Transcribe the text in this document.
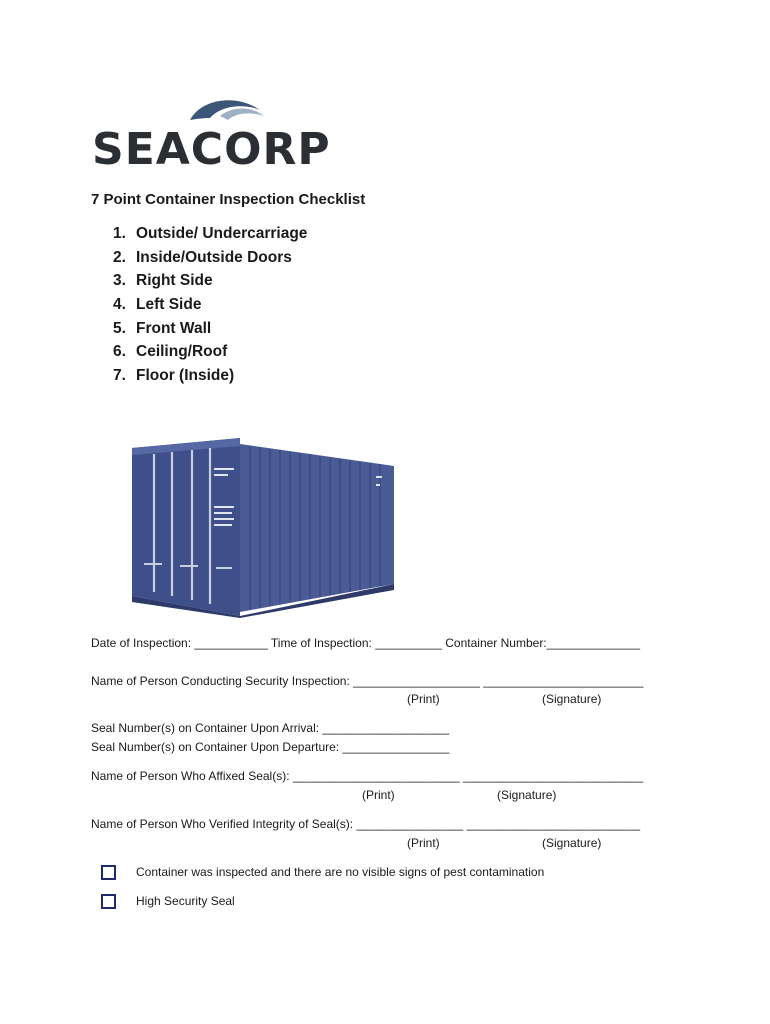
SEACORP
7 Point Container Inspection Checklist
1. Outside/ Undercarriage
2. Inside/Outside Doors
3. Right Side
4. Left Side
5. Front Wall
6. Ceiling/Roof
7. Floor (Inside)
Date of Inspection: ___________ Time of Inspection: __________ Container Number:______________
Name of Person Conducting Security Inspection: ___________________ ________________________
(Print)	(Signature)
Seal Number(s) on Container Upon Arrival: ___________________
Seal Number(s) on Container Upon Departure: ________________
Name of Person Who Affixed Seal(s): _________________________ ___________________________
(Print)	(Signature)
Name of Person Who Verified Integrity of Seal(s): ________________ __________________________
(Print)	(Signature)
Container was inspected and there are no visible signs of pest contamination
High Security Seal
